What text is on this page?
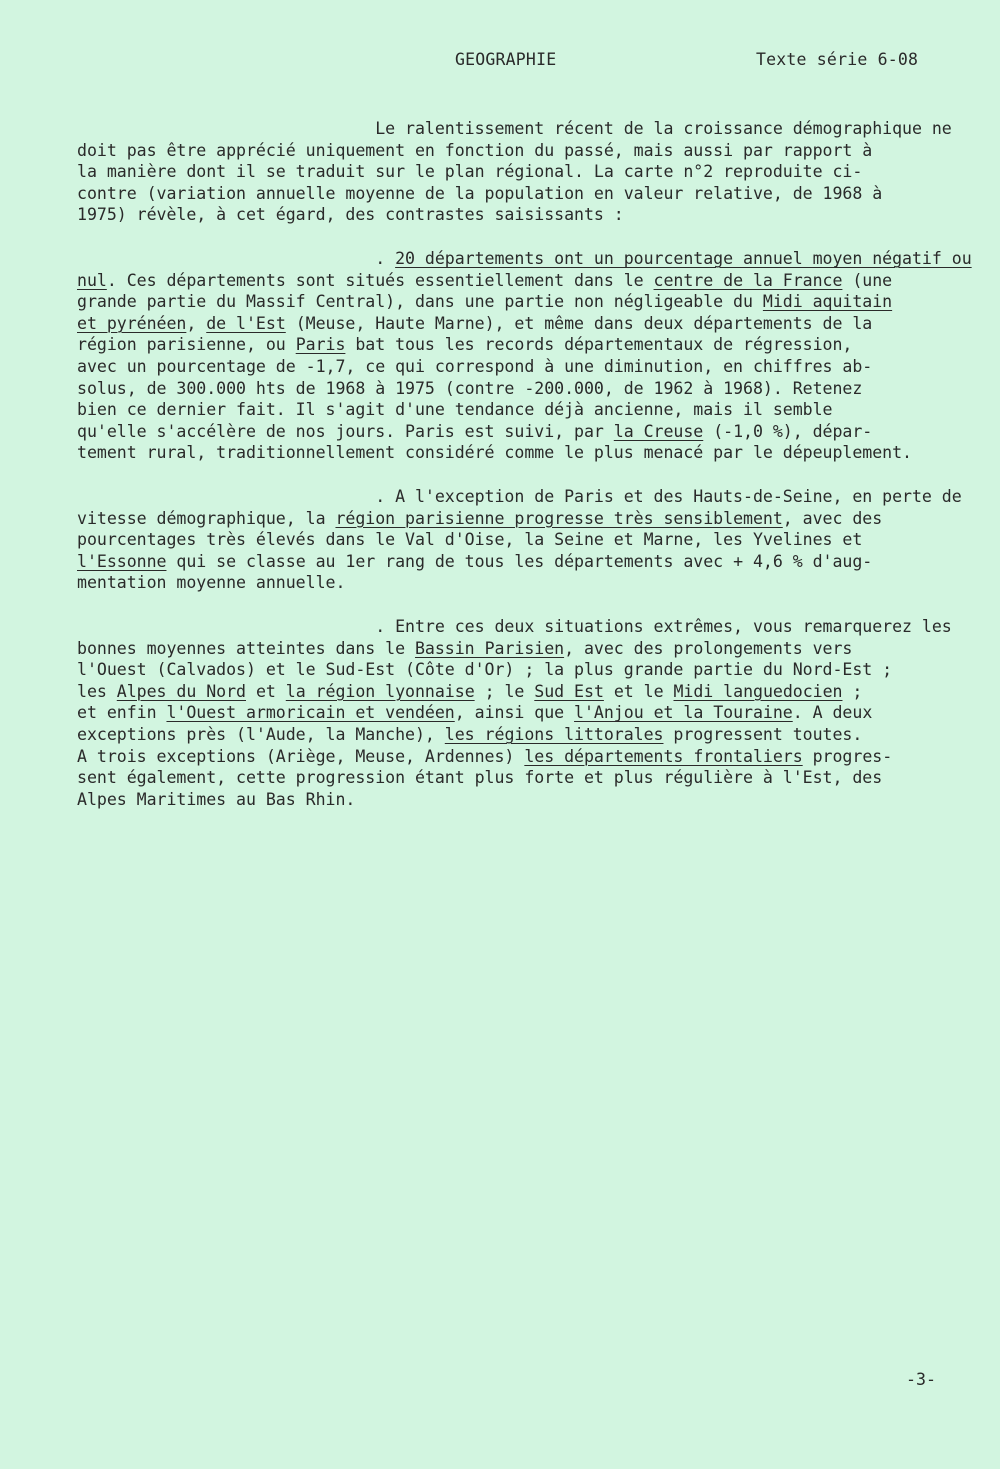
GEOGRAPHIE	Texte série 6-08
Le ralentissement récent de la croissance démographique ne
doit pas être apprécié uniquement en fonction du passé, mais aussi par rapport à
la manière dont il se traduit sur le plan régional. La carte n°2 reproduite ci-
contre (variation annuelle moyenne de la population en valeur relative, de 1968 à
1975) révèle, à cet égard, des contrastes saisissants :
. 20 départements ont un pourcentage annuel moyen négatif ou
nul. Ces départements sont situés essentiellement dans le centre de la France (une
grande partie du Massif Central), dans une partie non négligeable du Midi aquitain
et pyrénéen, de l'Est (Meuse, Haute Marne), et même dans deux départements de la
région parisienne, ou Paris bat tous les records départementaux de régression,
avec un pourcentage de -1,7, ce qui correspond à une diminution, en chiffres ab-
solus, de 300.000 hts de 1968 à 1975 (contre -200.000, de 1962 à 1968). Retenez
bien ce dernier fait. Il s'agit d'une tendance déjà ancienne, mais il semble
qu'elle s'accélère de nos jours. Paris est suivi, par la Creuse (-1,0 %), dépar-
tement rural, traditionnellement considéré comme le plus menacé par le dépeuplement.
. A l'exception de Paris et des Hauts-de-Seine, en perte de
vitesse démographique, la région parisienne progresse très sensiblement, avec des
pourcentages très élevés dans le Val d'Oise, la Seine et Marne, les Yvelines et
l'Essonne qui se classe au 1er rang de tous les départements avec + 4,6 % d'aug-
mentation moyenne annuelle.
. Entre ces deux situations extrêmes, vous remarquerez les
bonnes moyennes atteintes dans le Bassin Parisien, avec des prolongements vers
l'Ouest (Calvados) et le Sud-Est (Côte d'Or) ; la plus grande partie du Nord-Est ;
les Alpes du Nord et la région lyonnaise ; le Sud Est et le Midi languedocien ;
et enfin l'Ouest armoricain et vendéen, ainsi que l'Anjou et la Touraine. A deux
exceptions près (l'Aude, la Manche), les régions littorales progressent toutes.
A trois exceptions (Ariège, Meuse, Ardennes) les départements frontaliers progres-
sent également, cette progression étant plus forte et plus régulière à l'Est, des
Alpes Maritimes au Bas Rhin.
-3-
